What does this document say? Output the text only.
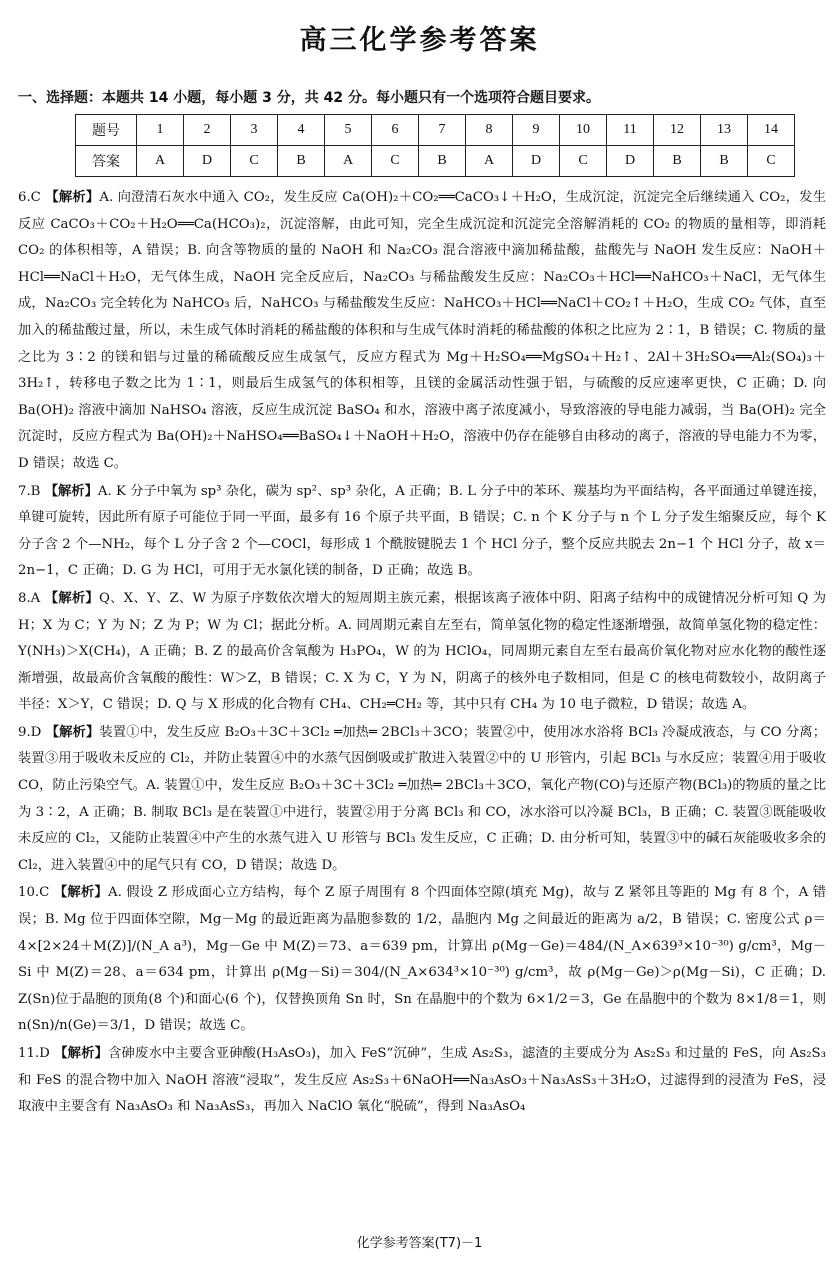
高三化学参考答案
一、选择题：本题共 14 小题，每小题 3 分，共 42 分。每小题只有一个选项符合题目要求。
题号	1	2	3	4	5	6	7	8	9	10	11	12	13	14
答案	A	D	C	B	A	C	B	A	D	C	D	B	B	C
6.C 【解析】A. 向澄清石灰水中通入 CO₂，发生反应 Ca(OH)₂＋CO₂══CaCO₃↓＋H₂O，生成沉淀，沉淀完全后继续通入 CO₂，发生反应 CaCO₃＋CO₂＋H₂O══Ca(HCO₃)₂，沉淀溶解，由此可知，完全生成沉淀和沉淀完全溶解消耗的 CO₂ 的物质的量相等，即消耗 CO₂ 的体积相等，A 错误；B. 向含等物质的量的 NaOH 和 Na₂CO₃ 混合溶液中滴加稀盐酸，盐酸先与 NaOH 发生反应：NaOH＋HCl══NaCl＋H₂O，无气体生成，NaOH 完全反应后，Na₂CO₃ 与稀盐酸发生反应：Na₂CO₃＋HCl══NaHCO₃＋NaCl，无气体生成，Na₂CO₃ 完全转化为 NaHCO₃ 后，NaHCO₃ 与稀盐酸发生反应：NaHCO₃＋HCl══NaCl＋CO₂↑＋H₂O，生成 CO₂ 气体，直至加入的稀盐酸过量，所以，未生成气体时消耗的稀盐酸的体积和与生成气体时消耗的稀盐酸的体积之比应为 2∶1，B 错误；C. 物质的量之比为 3∶2 的镁和铝与过量的稀硫酸反应生成氢气，反应方程式为 Mg＋H₂SO₄══MgSO₄＋H₂↑、2Al＋3H₂SO₄══Al₂(SO₄)₃＋3H₂↑，转移电子数之比为 1∶1，则最后生成氢气的体积相等，且镁的金属活动性强于铝，与硫酸的反应速率更快，C 正确；D. 向Ba(OH)₂ 溶液中滴加 NaHSO₄ 溶液，反应生成沉淀 BaSO₄ 和水，溶液中离子浓度减小，导致溶液的导电能力减弱，当 Ba(OH)₂ 完全沉淀时，反应方程式为 Ba(OH)₂＋NaHSO₄══BaSO₄↓＋NaOH＋H₂O，溶液中仍存在能够自由移动的离子，溶液的导电能力不为零，D 错误；故选 C。
7.B 【解析】A. K 分子中氧为 sp³ 杂化，碳为 sp²、sp³ 杂化，A 正确；B. L 分子中的苯环、羰基均为平面结构，各平面通过单键连接，单键可旋转，因此所有原子可能位于同一平面，最多有 16 个原子共平面，B 错误；C. n 个 K 分子与 n 个 L 分子发生缩聚反应，每个 K 分子含 2 个—NH₂，每个 L 分子含 2 个—COCl，每形成 1 个酰胺键脱去 1 个 HCl 分子，整个反应共脱去 2n−1 个 HCl 分子，故 x＝2n−1，C 正确；D. G 为 HCl，可用于无水氯化镁的制备，D 正确；故选 B。
8.A 【解析】Q、X、Y、Z、W 为原子序数依次增大的短周期主族元素，根据该离子液体中阴、阳离子结构中的成键情况分析可知 Q 为 H；X 为 C；Y 为 N；Z 为 P；W 为 Cl；据此分析。A. 同周期元素自左至右，简单氢化物的稳定性逐渐增强，故简单氢化物的稳定性：Y(NH₃)＞X(CH₄)，A 正确；B. Z 的最高价含氧酸为 H₃PO₄，W 的为 HClO₄，同周期元素自左至右最高价氧化物对应水化物的酸性逐渐增强，故最高价含氧酸的酸性：W＞Z，B 错误；C. X 为 C，Y 为 N，阴离子的核外电子数相同，但是 C 的核电荷数较小，故阴离子半径：X＞Y，C 错误；D. Q 与 X 形成的化合物有 CH₄、CH₂═CH₂ 等，其中只有 CH₄ 为 10 电子微粒，D 错误；故选 A。
9.D 【解析】装置①中，发生反应 B₂O₃＋3C＋3Cl₂ ═加热═ 2BCl₃＋3CO；装置②中，使用冰水浴将 BCl₃ 冷凝成液态，与 CO 分离；装置③用于吸收未反应的 Cl₂，并防止装置④中的水蒸气因倒吸或扩散进入装置②中的 U 形管内，引起 BCl₃ 与水反应；装置④用于吸收 CO，防止污染空气。A. 装置①中，发生反应 B₂O₃＋3C＋3Cl₂ ═加热═ 2BCl₃＋3CO，氧化产物(CO)与还原产物(BCl₃)的物质的量之比为 3∶2，A 正确；B. 制取 BCl₃ 是在装置①中进行，装置②用于分离 BCl₃ 和 CO，冰水浴可以冷凝 BCl₃，B 正确；C. 装置③既能吸收未反应的 Cl₂，又能防止装置④中产生的水蒸气进入 U 形管与 BCl₃ 发生反应，C 正确；D. 由分析可知，装置③中的碱石灰能吸收多余的 Cl₂，进入装置④中的尾气只有 CO，D 错误；故选 D。
10.C 【解析】A. 假设 Z 形成面心立方结构，每个 Z 原子周围有 8 个四面体空隙(填充 Mg)，故与 Z 紧邻且等距的 Mg 有 8 个，A 错误；B. Mg 位于四面体空隙，Mg－Mg 的最近距离为晶胞参数的 1/2，晶胞内 Mg 之间最近的距离为 a/2，B 错误；C. 密度公式 ρ＝4×[2×24＋M(Z)]/(N_A a³)，Mg－Ge 中 M(Z)＝73、a＝639 pm，计算出 ρ(Mg－Ge)＝484/(N_A×639³×10⁻³⁰) g/cm³，Mg－Si 中 M(Z)＝28、a＝634 pm，计算出 ρ(Mg－Si)＝304/(N_A×634³×10⁻³⁰) g/cm³，故 ρ(Mg－Ge)＞ρ(Mg－Si)，C 正确；D. Z(Sn)位于晶胞的顶角(8 个)和面心(6 个)，仅替换顶角 Sn 时，Sn 在晶胞中的个数为 6×1/2＝3，Ge 在晶胞中的个数为 8×1/8＝1，则 n(Sn)/n(Ge)＝3/1，D 错误；故选 C。
11.D 【解析】含砷废水中主要含亚砷酸(H₃AsO₃)，加入 FeS“沉砷”，生成 As₂S₃，滤渣的主要成分为 As₂S₃ 和过量的 FeS，向 As₂S₃ 和 FeS 的混合物中加入 NaOH 溶液“浸取”，发生反应 As₂S₃＋6NaOH══Na₃AsO₃＋Na₃AsS₃＋3H₂O，过滤得到的浸渣为 FeS，浸取液中主要含有 Na₃AsO₃ 和 Na₃AsS₃，再加入 NaClO 氧化“脱硫”，得到 Na₃AsO₄
化学参考答案(T7)－1
